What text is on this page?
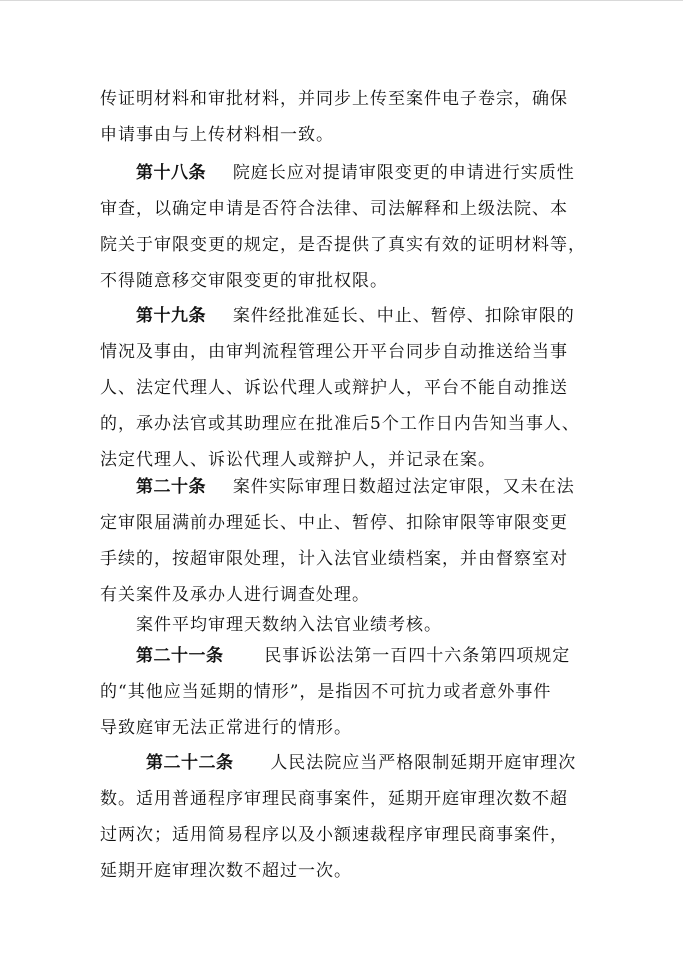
传证明材料和审批材料，并同步上传至案件电子卷宗，确保
申请事由与上传材料相一致。
第十八条 院庭长应对提请审限变更的申请进行实质性
审查，以确定申请是否符合法律、司法解释和上级法院、本
院关于审限变更的规定，是否提供了真实有效的证明材料等，
不得随意移交审限变更的审批权限。
第十九条 案件经批准延长、中止、暂停、扣除审限的
情况及事由，由审判流程管理公开平台同步自动推送给当事
人、法定代理人、诉讼代理人或辩护人，平台不能自动推送
的，承办法官或其助理应在批准后5个工作日内告知当事人、
法定代理人、诉讼代理人或辩护人，并记录在案。
第二十条 案件实际审理日数超过法定审限，又未在法
定审限届满前办理延长、中止、暂停、扣除审限等审限变更
手续的，按超审限处理，计入法官业绩档案，并由督察室对
有关案件及承办人进行调查处理。
案件平均审理天数纳入法官业绩考核。
第二十一条 民事诉讼法第一百四十六条第四项规定
的“其他应当延期的情形”，是指因不可抗力或者意外事件
导致庭审无法正常进行的情形。
第二十二条 人民法院应当严格限制延期开庭审理次
数。适用普通程序审理民商事案件，延期开庭审理次数不超
过两次；适用简易程序以及小额速裁程序审理民商事案件，
延期开庭审理次数不超过一次。
